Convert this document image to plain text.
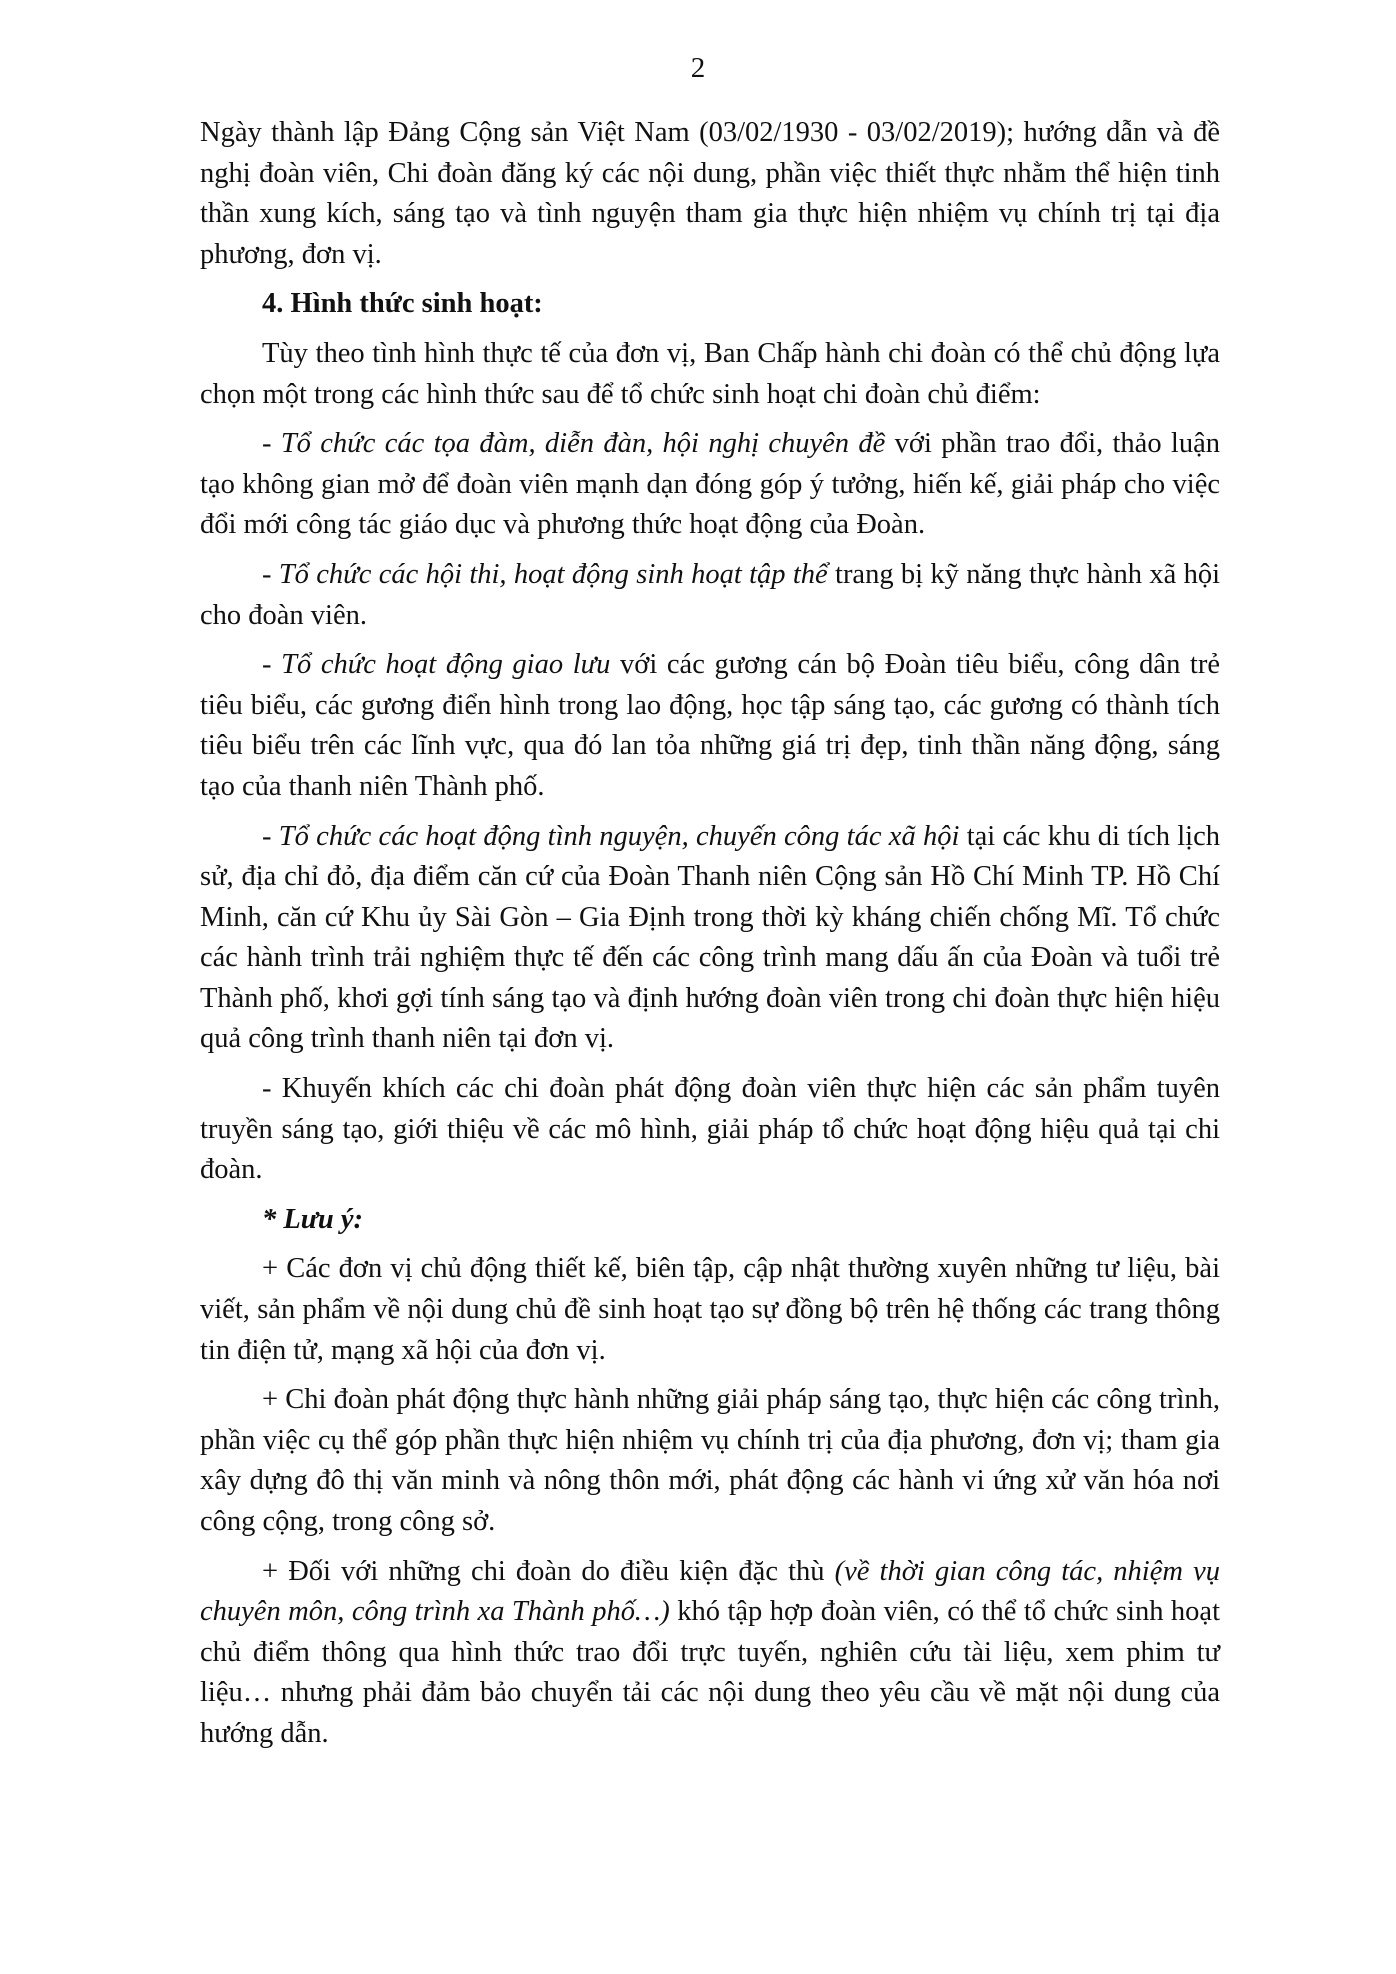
2

Ngày thành lập Đảng Cộng sản Việt Nam (03/02/1930 - 03/02/2019); hướng dẫn và đề nghị đoàn viên, Chi đoàn đăng ký các nội dung, phần việc thiết thực nhằm thể hiện tinh thần xung kích, sáng tạo và tình nguyện tham gia thực hiện nhiệm vụ chính trị tại địa phương, đơn vị.

4. Hình thức sinh hoạt:

Tùy theo tình hình thực tế của đơn vị, Ban Chấp hành chi đoàn có thể chủ động lựa chọn một trong các hình thức sau để tổ chức sinh hoạt chi đoàn chủ điểm:

- Tổ chức các tọa đàm, diễn đàn, hội nghị chuyên đề với phần trao đổi, thảo luận tạo không gian mở để đoàn viên mạnh dạn đóng góp ý tưởng, hiến kế, giải pháp cho việc đổi mới công tác giáo dục và phương thức hoạt động của Đoàn.

- Tổ chức các hội thi, hoạt động sinh hoạt tập thể trang bị kỹ năng thực hành xã hội cho đoàn viên.

- Tổ chức hoạt động giao lưu với các gương cán bộ Đoàn tiêu biểu, công dân trẻ tiêu biểu, các gương điển hình trong lao động, học tập sáng tạo, các gương có thành tích tiêu biểu trên các lĩnh vực, qua đó lan tỏa những giá trị đẹp, tinh thần năng động, sáng tạo của thanh niên Thành phố.

- Tổ chức các hoạt động tình nguyện, chuyến công tác xã hội tại các khu di tích lịch sử, địa chỉ đỏ, địa điểm căn cứ của Đoàn Thanh niên Cộng sản Hồ Chí Minh TP. Hồ Chí Minh, căn cứ Khu ủy Sài Gòn – Gia Định trong thời kỳ kháng chiến chống Mĩ. Tổ chức các hành trình trải nghiệm thực tế đến các công trình mang dấu ấn của Đoàn và tuổi trẻ Thành phố, khơi gợi tính sáng tạo và định hướng đoàn viên trong chi đoàn thực hiện hiệu quả công trình thanh niên tại đơn vị.

- Khuyến khích các chi đoàn phát động đoàn viên thực hiện các sản phẩm tuyên truyền sáng tạo, giới thiệu về các mô hình, giải pháp tổ chức hoạt động hiệu quả tại chi đoàn.

* Lưu ý:

+ Các đơn vị chủ động thiết kế, biên tập, cập nhật thường xuyên những tư liệu, bài viết, sản phẩm về nội dung chủ đề sinh hoạt tạo sự đồng bộ trên hệ thống các trang thông tin điện tử, mạng xã hội của đơn vị.

+ Chi đoàn phát động thực hành những giải pháp sáng tạo, thực hiện các công trình, phần việc cụ thể góp phần thực hiện nhiệm vụ chính trị của địa phương, đơn vị; tham gia xây dựng đô thị văn minh và nông thôn mới, phát động các hành vi ứng xử văn hóa nơi công cộng, trong công sở.

+ Đối với những chi đoàn do điều kiện đặc thù (về thời gian công tác, nhiệm vụ chuyên môn, công trình xa Thành phố…) khó tập hợp đoàn viên, có thể tổ chức sinh hoạt chủ điểm thông qua hình thức trao đổi trực tuyến, nghiên cứu tài liệu, xem phim tư liệu… nhưng phải đảm bảo chuyển tải các nội dung theo yêu cầu về mặt nội dung của hướng dẫn.
